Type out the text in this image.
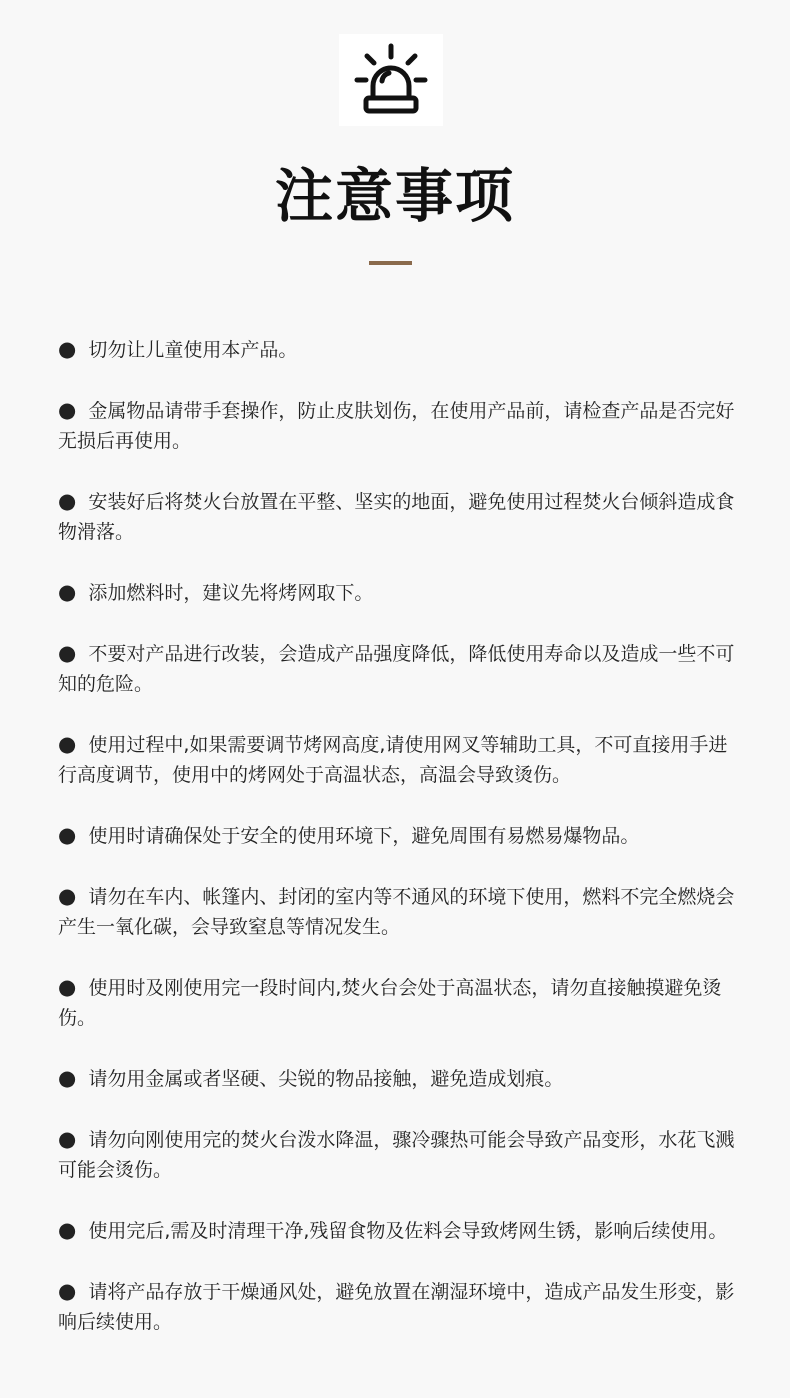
注意事项
● 切勿让儿童使用本产品。
● 金属物品请带手套操作，防止皮肤划伤，在使用产品前，请检查产品是否完好无损后再使用。
● 安装好后将焚火台放置在平整、坚实的地面，避免使用过程焚火台倾斜造成食物滑落。
● 添加燃料时，建议先将烤网取下。
● 不要对产品进行改装，会造成产品强度降低，降低使用寿命以及造成一些不可知的危险。
● 使用过程中,如果需要调节烤网高度,请使用网叉等辅助工具，不可直接用手进行高度调节，使用中的烤网处于高温状态，高温会导致烫伤。
● 使用时请确保处于安全的使用环境下，避免周围有易燃易爆物品。
● 请勿在车内、帐篷内、封闭的室内等不通风的环境下使用，燃料不完全燃烧会产生一氧化碳，会导致窒息等情况发生。
● 使用时及刚使用完一段时间内,焚火台会处于高温状态，请勿直接触摸避免烫伤。
● 请勿用金属或者坚硬、尖锐的物品接触，避免造成划痕。
● 请勿向刚使用完的焚火台泼水降温，骤冷骤热可能会导致产品变形，水花飞溅可能会烫伤。
● 使用完后,需及时清理干净,残留食物及佐料会导致烤网生锈，影响后续使用。
● 请将产品存放于干燥通风处，避免放置在潮湿环境中，造成产品发生形变，影响后续使用。
